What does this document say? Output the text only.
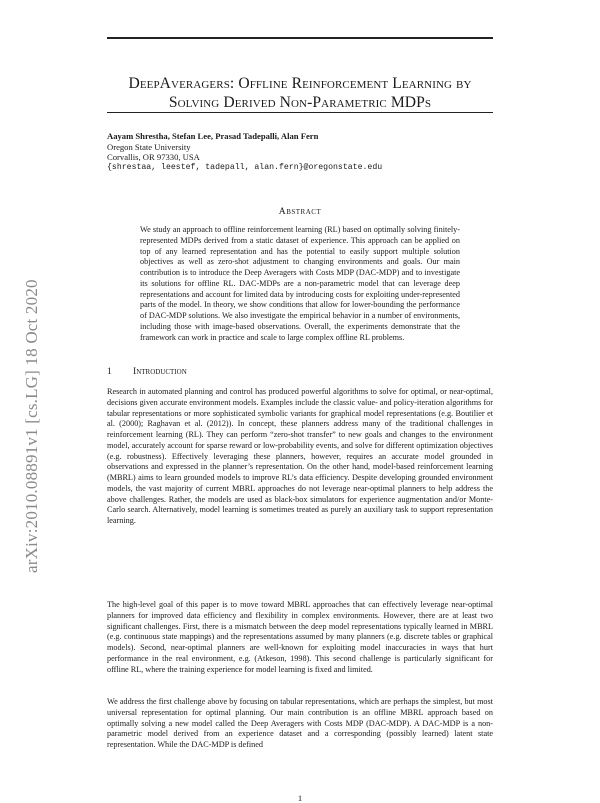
arXiv:2010.08891v1 [cs.LG] 18 Oct 2020
DeepAveragers: Offline Reinforcement Learning by Solving Derived Non-Parametric MDPs
Aayam Shrestha, Stefan Lee, Prasad Tadepalli, Alan Fern
Oregon State University
Corvallis, OR 97330, USA
{shrestaa, leestef, tadepall, alan.fern}@oregonstate.edu
Abstract
We study an approach to offline reinforcement learning (RL) based on optimally solving finitely-represented MDPs derived from a static dataset of experience. This approach can be applied on top of any learned representation and has the potential to easily support multiple solution objectives as well as zero-shot adjustment to changing environments and goals. Our main contribution is to introduce the Deep Averagers with Costs MDP (DAC-MDP) and to investigate its solutions for offline RL. DAC-MDPs are a non-parametric model that can leverage deep representations and account for limited data by introducing costs for exploiting under-represented parts of the model. In theory, we show conditions that allow for lower-bounding the performance of DAC-MDP solutions. We also investigate the empirical behavior in a number of environments, including those with image-based observations. Overall, the experiments demonstrate that the framework can work in practice and scale to large complex offline RL problems.
1 Introduction

Research in automated planning and control has produced powerful algorithms to solve for optimal, or near-optimal, decisions given accurate environment models. Examples include the classic value- and policy-iteration algorithms for tabular representations or more sophisticated symbolic variants for graphical model representations (e.g. Boutilier et al. (2000); Raghavan et al. (2012)). In concept, these planners address many of the traditional challenges in reinforcement learning (RL). They can perform “zero-shot transfer” to new goals and changes to the environment model, accurately account for sparse reward or low-probability events, and solve for different optimization objectives (e.g. robustness). Effectively leveraging these planners, however, requires an accurate model grounded in observations and expressed in the planner’s representation. On the other hand, model-based reinforcement learning (MBRL) aims to learn grounded models to improve RL’s data efficiency. Despite developing grounded environment models, the vast majority of current MBRL approaches do not leverage near-optimal planners to help address the above challenges. Rather, the models are used as black-box simulators for experience augmentation and/or Monte-Carlo search. Alternatively, model learning is sometimes treated as purely an auxiliary task to support representation learning.

The high-level goal of this paper is to move toward MBRL approaches that can effectively leverage near-optimal planners for improved data efficiency and flexibility in complex environments. However, there are at least two significant challenges. First, there is a mismatch between the deep model representations typically learned in MBRL (e.g. continuous state mappings) and the representations assumed by many planners (e.g. discrete tables or graphical models). Second, near-optimal planners are well-known for exploiting model inaccuracies in ways that hurt performance in the real environment, e.g. (Atkeson, 1998). This second challenge is particularly significant for offline RL, where the training experience for model learning is fixed and limited.

We address the first challenge above by focusing on tabular representations, which are perhaps the simplest, but most universal representation for optimal planning. Our main contribution is an offline MBRL approach based on optimally solving a new model called the Deep Averagers with Costs MDP (DAC-MDP). A DAC-MDP is a non-parametric model derived from an experience dataset and a corresponding (possibly learned) latent state representation. While the DAC-MDP is defined

1
